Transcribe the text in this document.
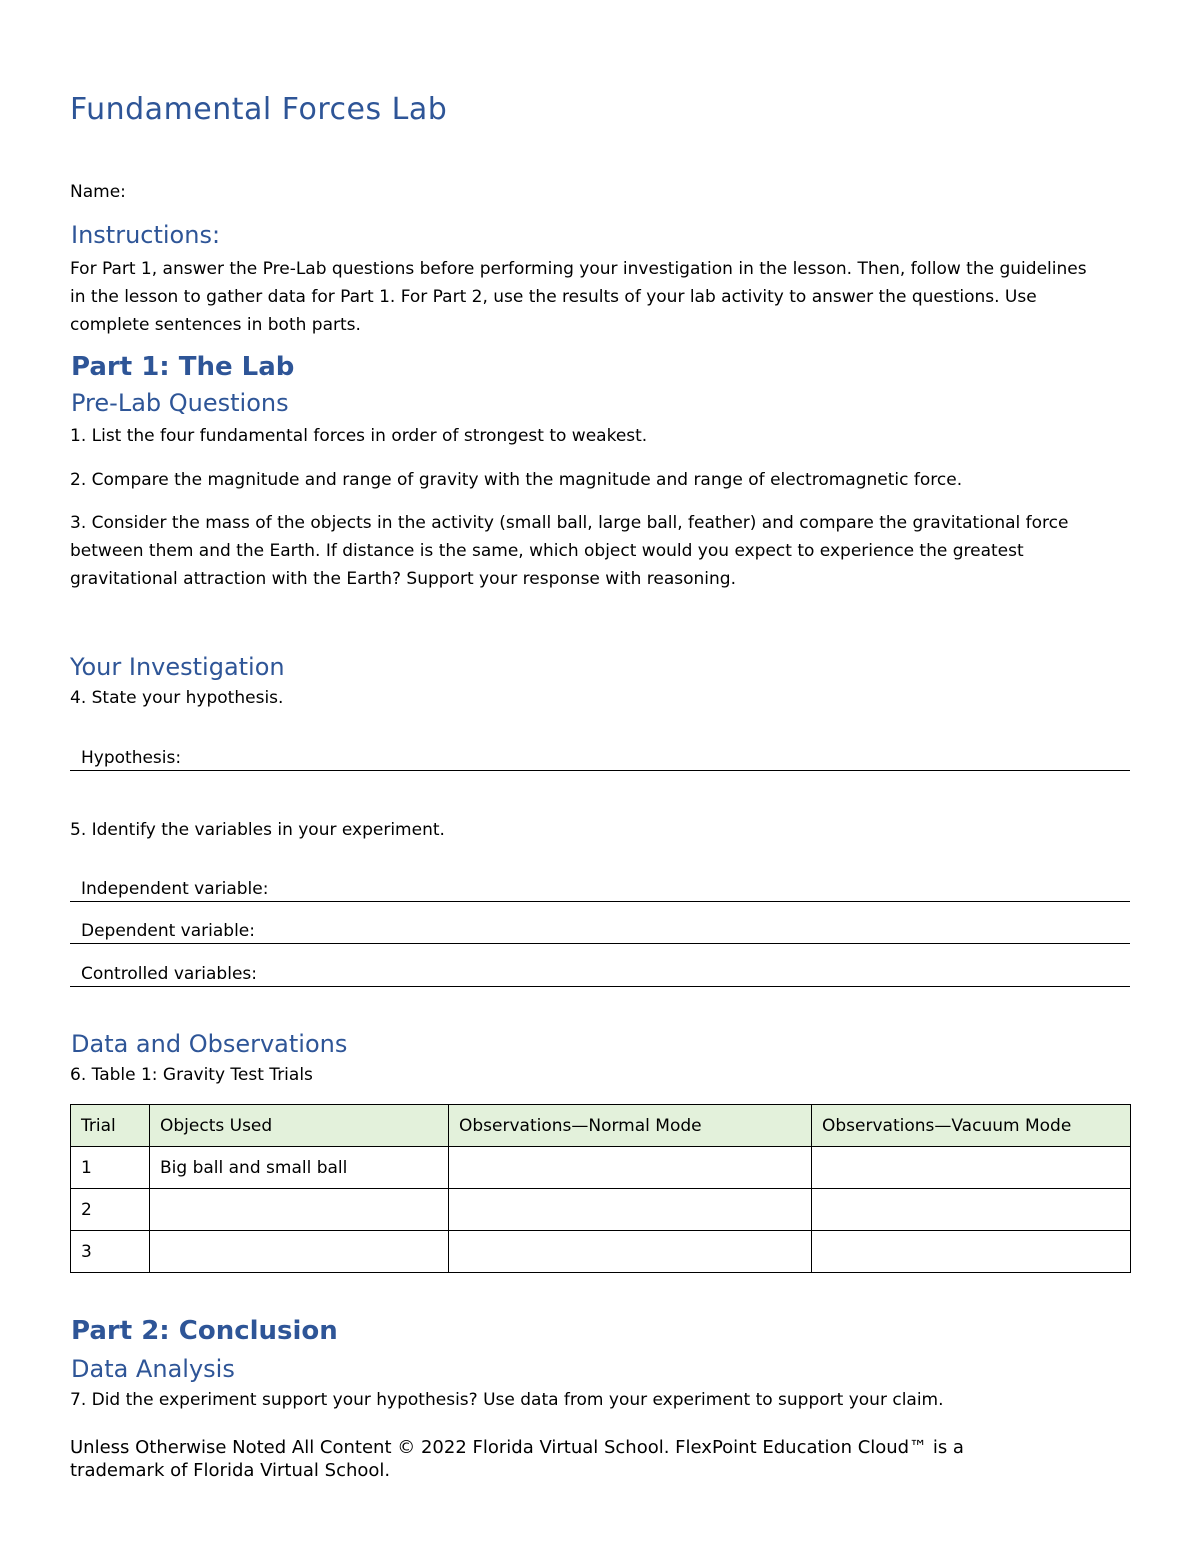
Fundamental Forces Lab
Name:
Instructions:
For Part 1, answer the Pre-Lab questions before performing your investigation in the lesson. Then, follow the guidelines
in the lesson to gather data for Part 1. For Part 2, use the results of your lab activity to answer the questions. Use
complete sentences in both parts.
Part 1: The Lab
Pre-Lab Questions
1. List the four fundamental forces in order of strongest to weakest.
2. Compare the magnitude and range of gravity with the magnitude and range of electromagnetic force.
3. Consider the mass of the objects in the activity (small ball, large ball, feather) and compare the gravitational force
between them and the Earth. If distance is the same, which object would you expect to experience the greatest
gravitational attraction with the Earth? Support your response with reasoning.
Your Investigation
4. State your hypothesis.
Hypothesis:
5. Identify the variables in your experiment.
Independent variable:
Dependent variable:
Controlled variables:
Data and Observations
6. Table 1: Gravity Test Trials
Trial	Objects Used	Observations—Normal Mode	Observations—Vacuum Mode
1	Big ball and small ball		
2			
3			
Part 2: Conclusion
Data Analysis
7. Did the experiment support your hypothesis? Use data from your experiment to support your claim.
Unless Otherwise Noted All Content © 2022 Florida Virtual School. FlexPoint Education Cloud™ is a
trademark of Florida Virtual School.
